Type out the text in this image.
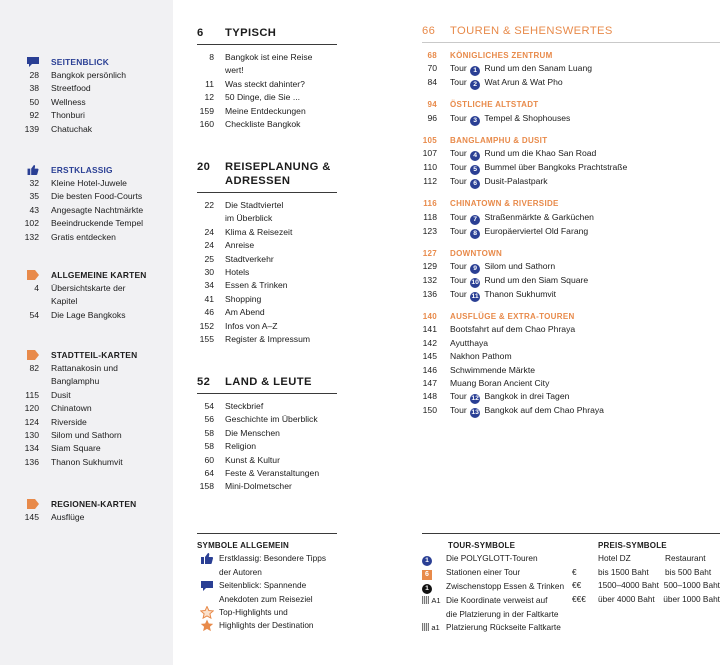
SEITENBLICK
28	Bangkok persönlich
38	Streetfood
50	Wellness
92	Thonburi
139	Chatuchak
ERSTKLASSIG
32	Kleine Hotel-Juwele
35	Die besten Food-Courts
43	Angesagte Nachtmärkte
102	Beeindruckende Tempel
132	Gratis entdecken
ALLGEMEINE KARTEN
4	Übersichtskarte der
Kapitel
54	Die Lage Bangkoks
STADTTEIL-KARTEN
82	Rattanakosin und
Banglamphu
115	Dusit
120	Chinatown
124	Riverside
130	Silom und Sathorn
134	Siam Square
136	Thanon Sukhumvit
REGIONEN-KARTEN
145	Ausflüge
6	TYPISCH
8	Bangkok ist eine Reise
wert!
11	Was steckt dahinter?
12	50 Dinge, die Sie ...
159	Meine Entdeckungen
160	Checkliste Bangkok
20	REISEPLANUNG &
ADRESSEN
22	Die Stadtviertel
im Überblick
24	Klima & Reisezeit
24	Anreise
25	Stadtverkehr
30	Hotels
34	Essen & Trinken
41	Shopping
46	Am Abend
152	Infos von A–Z
155	Register & Impressum
52	LAND & LEUTE
54	Steckbrief
56	Geschichte im Überblick
58	Die Menschen
58	Religion
60	Kunst & Kultur
64	Feste & Veranstaltungen
158	Mini-Dolmetscher
66	TOUREN & SEHENSWERTES
68	KÖNIGLICHES ZENTRUM
70	Tour 1 Rund um den Sanam Luang
84	Tour 2 Wat Arun & Wat Pho
94	ÖSTLICHE ALTSTADT
96	Tour 3 Tempel & Shophouses
105	BANGLAMPHU & DUSIT
107	Tour 4 Rund um die Khao San Road
110	Tour 5 Bummel über Bangkoks Prachtstraße
112	Tour 6 Dusit-Palastpark
116	CHINATOWN & RIVERSIDE
118	Tour 7 Straßenmärkte & Garküchen
123	Tour 8 Europäerviertel Old Farang
127	DOWNTOWN
129	Tour 9 Silom und Sathorn
132	Tour 10 Rund um den Siam Square
136	Tour 11 Thanon Sukhumvit
140	AUSFLÜGE & EXTRA-TOUREN
141	Bootsfahrt auf dem Chao Phraya
142	Ayutthaya
145	Nakhon Pathom
146	Schwimmende Märkte
147	Muang Boran Ancient City
148	Tour 12 Bangkok in drei Tagen
150	Tour 13 Bangkok auf dem Chao Phraya
SYMBOLE ALLGEMEIN
Erstklassig: Besondere Tipps
der Autoren
Seitenblick: Spannende
Anekdoten zum Reiseziel
Top-Highlights und
Highlights der Destination
TOUR-SYMBOLE
1	Die POLYGLOTT-Touren
6	Stationen einer Tour
1	Zwischenstopp Essen & Trinken
A1 Die Koordinate verweist auf
die Platzierung in der Faltkarte
a1 Platzierung Rückseite Faltkarte
PREIS-SYMBOLE
Hotel DZ	Restaurant
€	bis 1500 Baht	bis 500 Baht
€€	1500–4000 Baht 500–1000 Baht
€€€	über 4000 Baht	über 1000 Baht
